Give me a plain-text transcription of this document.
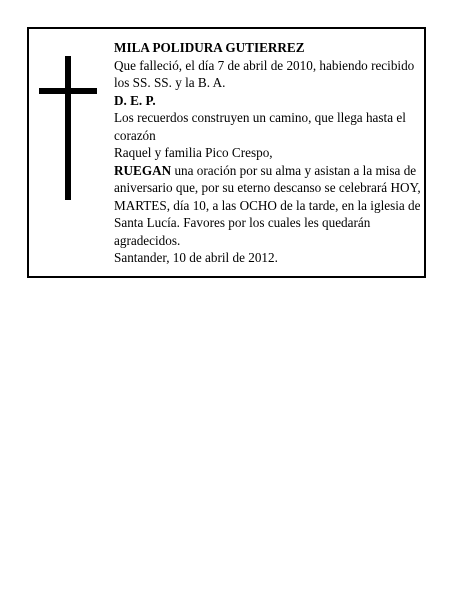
MILA POLIDURA GUTIERREZ

Que falleció, el día 7 de abril de 2010, habiendo recibido los SS. SS. y la B. A.

D. E. P.

Los recuerdos construyen un camino, que llega hasta el corazón

Raquel y familia Pico Crespo,

RUEGAN una oración por su alma y asistan a la misa de aniversario que, por su eterno descanso se celebrará HOY, MARTES, día 10, a las OCHO de la tarde, en la iglesia de Santa Lucía. Favores por los cuales les quedarán agradecidos.

Santander, 10 de abril de 2012.
